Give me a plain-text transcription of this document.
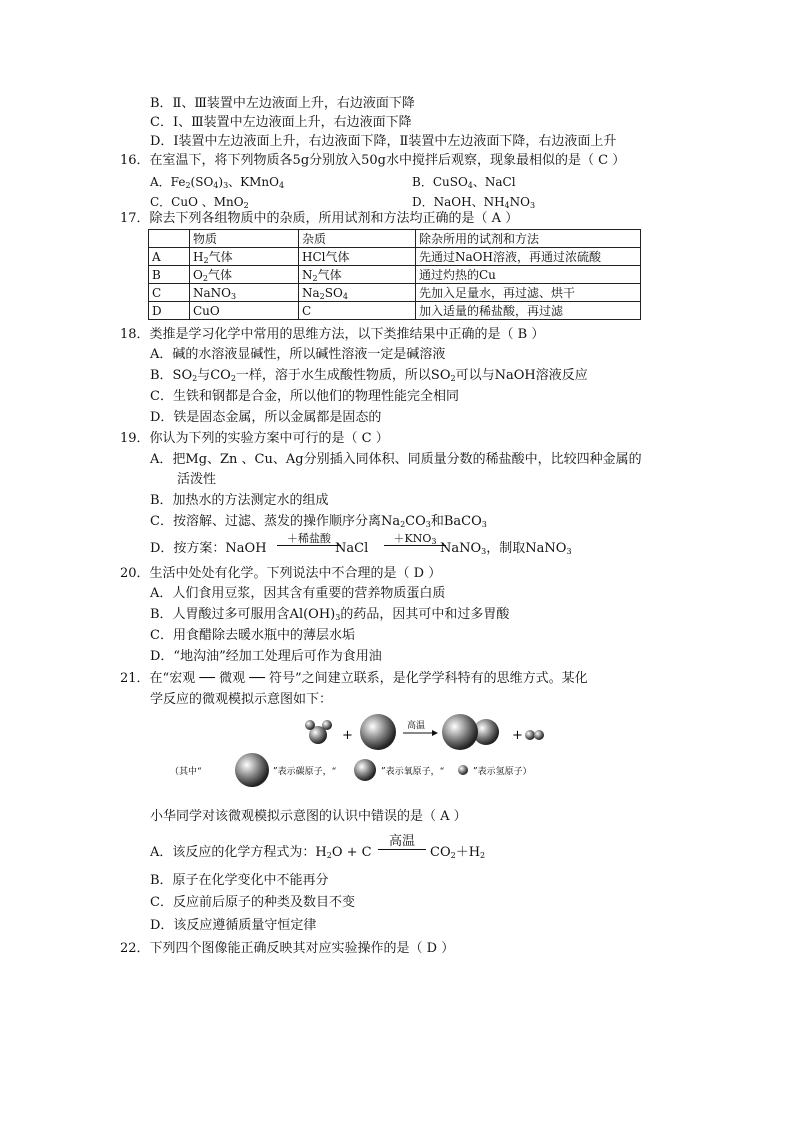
B．Ⅱ、Ⅲ装置中左边液面上升，右边液面下降
C．Ⅰ、Ⅲ装置中左边液面上升，右边液面下降
D．Ⅰ装置中左边液面上升，右边液面下降，Ⅱ装置中左边液面下降，右边液面上升
16．在室温下，将下列物质各5g分别放入50g水中搅拌后观察，现象最相似的是（ C ）
A．$Fe_2(SO_4)_3$、KMnO$_4$	B．CuSO$_4$、NaCl
C．CuO 、MnO$_2$	D．NaOH、$NH_4NO_3$
17．除去下列各组物质中的杂质，所用试剂和方法均正确的是（ A ）
	物质	杂质	除杂所用的试剂和方法
A	$H_2$气体	HCl气体	先通过NaOH溶液，再通过浓硫酸
B	$O_2$气体	$N_2$气体	通过灼热的Cu
C	NaNO$_3$	$Na_2SO_4$	先加入足量水，再过滤、烘干
D	CuO	C	加入适量的稀盐酸，再过滤
18．类推是学习化学中常用的思维方法，以下类推结果中正确的是（ B ）
A．碱的水溶液显碱性，所以碱性溶液一定是碱溶液
B．$SO_2$与$CO_2$一样，溶于水生成酸性物质，所以$SO_2$可以与NaOH溶液反应
C．生铁和钢都是合金，所以他们的物理性能完全相同
D．铁是固态金属，所以金属都是固态的
19．你认为下列的实验方案中可行的是（ C ）
A．把Mg、Zn 、Cu、Ag分别插入同体积、同质量分数的稀盐酸中，比较四种金属的
活泼性
B．加热水的方法测定水的组成
C．按溶解、过滤、蒸发的操作顺序分离$Na_2CO_3$和BaCO$_3$
D．按方案：NaOH
＋稀盐酸
NaCl
$+KNO_3$ NaNO$_3$，制取NaNO$_3$
20．生活中处处有化学。下列说法中不合理的是（ D ）
A．人们食用豆浆，因其含有重要的营养物质蛋白质
B．人胃酸过多可服用含$Al(OH)_3$的药品，因其可中和过多胃酸
C．用食醋除去暖水瓶中的薄层水垢
D．“地沟油”经加工处理后可作为食用油
21．在“宏观 ── 微观 ── 符号”之间建立联系，是化学学科特有的思维方式。某化
学反应的微观模拟示意图如下：
+
高温
+
（其中“	”表示碳原子，“	”表示氧原子，“	”表示氢原子）
小华同学对该微观模拟示意图的认识中错误的是（ A ）
A．该反应的化学方程式为：$H_2O + C$
高温
$CO_2+H_2$
B．原子在化学变化中不能再分
C．反应前后原子的种类及数目不变
D．该反应遵循质量守恒定律
22．下列四个图像能正确反映其对应实验操作的是（ D ）
